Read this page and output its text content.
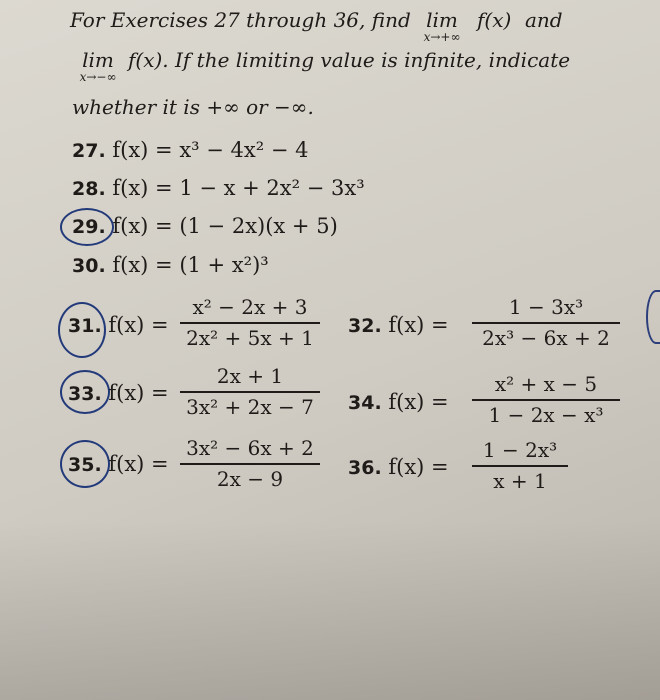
For Exercises 27 through 36, find lim
x→+∞
f(x) and
lim
x→−∞
f(x). If the limiting value is infinite, indicate
whether it is +∞ or −∞.
27. f(x) = x³ − 4x² − 4
28. f(x) = 1 − x + 2x² − 3x³
29. f(x) = (1 − 2x)(x + 5)
30. f(x) = (1 + x²)³
31. f(x) =
x² − 2x + 3
2x² + 5x + 1	32. f(x) =
1 − 3x³
2x³ − 6x + 2
33. f(x) =
2x + 1
3x² + 2x − 7	34. f(x) =
x² + x − 5
1 − 2x − x³
35. f(x) =
3x² − 6x + 2
2x − 9	36. f(x) =
1 − 2x³
x + 1
